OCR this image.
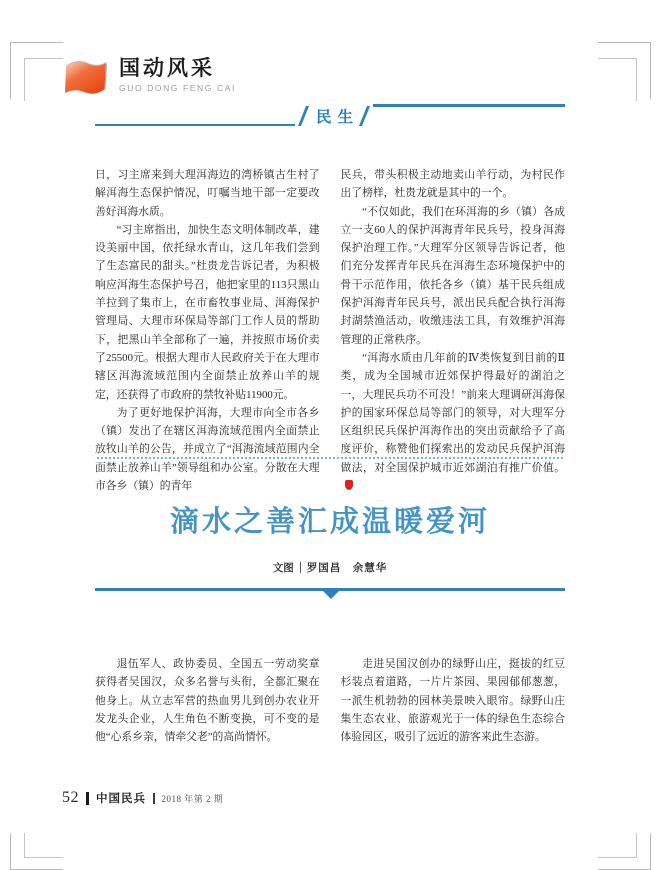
国动风采
GUO DONG FENG CAI
民生

日，习主席来到大理洱海边的湾桥镇古生村了解洱海生态保护情况，叮嘱当地干部一定要改善好洱海水质。

“习主席指出，加快生态文明体制改革，建设美丽中国，依托绿水青山，这几年我们尝到了生态富民的甜头。”杜贵龙告诉记者，为积极响应洱海生态保护号召，他把家里的113只黑山羊拉到了集市上，在市畜牧事业局、洱海保护管理局、大理市环保局等部门工作人员的帮助下，把黑山羊全部称了一遍，并按照市场价卖了25500元。根据大理市人民政府关于在大理市辖区洱海流域范围内全面禁止放养山羊的规定，还获得了市政府的禁牧补贴11900元。

为了更好地保护洱海，大理市向全市各乡（镇）发出了在辖区洱海流域范围内全面禁止放牧山羊的公告，并成立了“洱海流域范围内全面禁止放养山羊”领导组和办公室。分散在大理市各乡（镇）的青年

民兵，带头积极主动地卖山羊行动，为村民作出了榜样，杜贵龙就是其中的一个。

“不仅如此，我们在环洱海的乡（镇）各成立一支60人的保护洱海青年民兵号，投身洱海保护治理工作。”大理军分区领导告诉记者，他们充分发挥青年民兵在洱海生态环境保护中的骨干示范作用，依托各乡（镇）基干民兵组成保护洱海青年民兵号，派出民兵配合执行洱海封湖禁渔活动，收缴违法工具，有效维护洱海管理的正常秩序。

“洱海水质由几年前的Ⅳ类恢复到目前的Ⅱ类，成为全国城市近郊保护得最好的湖泊之一，大理民兵功不可没！”前来大理调研洱海保护的国家环保总局等部门的领导，对大理军分区组织民兵保护洱海作出的突出贡献给予了高度评价，称赞他们探索出的发动民兵保护洱海做法，对全国保护城市近郊湖泊有推广价值。

滴水之善汇成温暖爱河
文图 罗国昌　余慧华

退伍军人、政协委员、全国五一劳动奖章获得者吴国汉，众多名誉与头衔，全都汇聚在他身上。从立志军营的热血男儿到创办农业开发龙头企业，人生角色不断变换，可不变的是他“心系乡亲，情牵父老”的高尚情怀。

走进吴国汉创办的绿野山庄，挺拔的红豆杉装点着道路，一片片茶园、果园郁郁葱葱，一派生机勃勃的园林美景映入眼帘。绿野山庄集生态农业、旅游观光于一体的绿色生态综合体验园区，吸引了远近的游客来此生态游。

52 中国民兵 2018 年第 2 期
